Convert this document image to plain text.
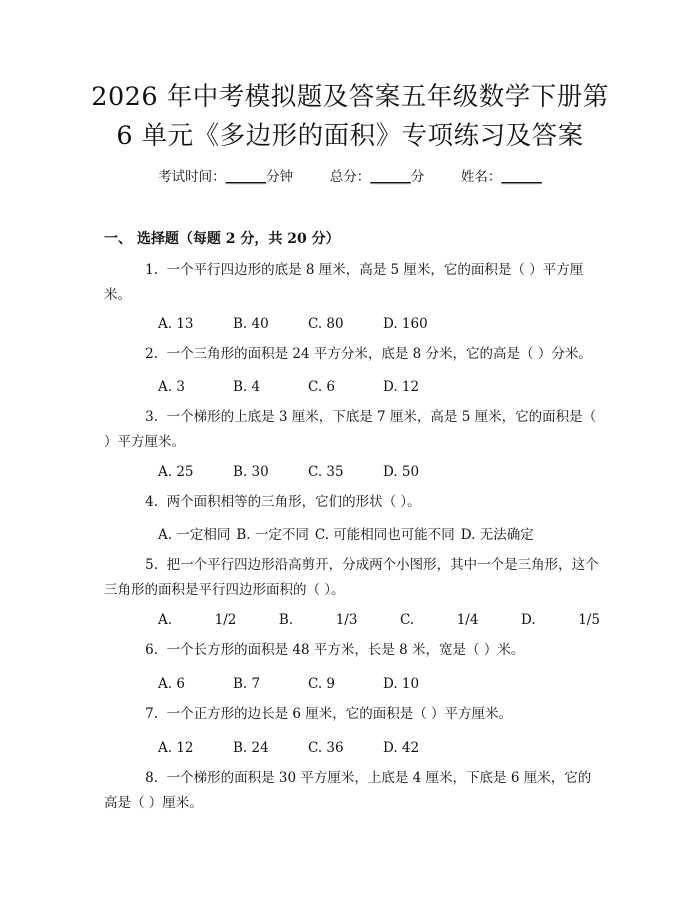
2026 年中考模拟题及答案五年级数学下册第
6 单元《多边形的面积》专项练习及答案
考试时间：______分钟	总分：______分	姓名：______
一、 选择题（每题 2 分，共 20 分）
1. 一个平行四边形的底是 8 厘米，高是 5 厘米，它的面积是（ ）平方厘米。
A. 13	B. 40	C. 80	D. 160
2. 一个三角形的面积是 24 平方分米，底是 8 分米，它的高是（ ）分米。
A. 3	B. 4	C. 6	D. 12
3. 一个梯形的上底是 3 厘米，下底是 7 厘米，高是 5 厘米，它的面积是（ ）平方厘米。
A. 25	B. 30	C. 35	D. 50
4. 两个面积相等的三角形，它们的形状（ ）。
A. 一定相同 B. 一定不同 C. 可能相同也可能不同 D. 无法确定
5. 把一个平行四边形沿高剪开，分成两个小图形，其中一个是三角形，这个三角形的面积是平行四边形面积的（ ）。
A.	1/2	B.	1/3	C.	1/4	D.	1/5
6. 一个长方形的面积是 48 平方米，长是 8 米，宽是（ ）米。
A. 6	B. 7	C. 9	D. 10
7. 一个正方形的边长是 6 厘米，它的面积是（ ）平方厘米。
A. 12	B. 24	C. 36	D. 42
8. 一个梯形的面积是 30 平方厘米，上底是 4 厘米，下底是 6 厘米，它的高是（ ）厘米。
